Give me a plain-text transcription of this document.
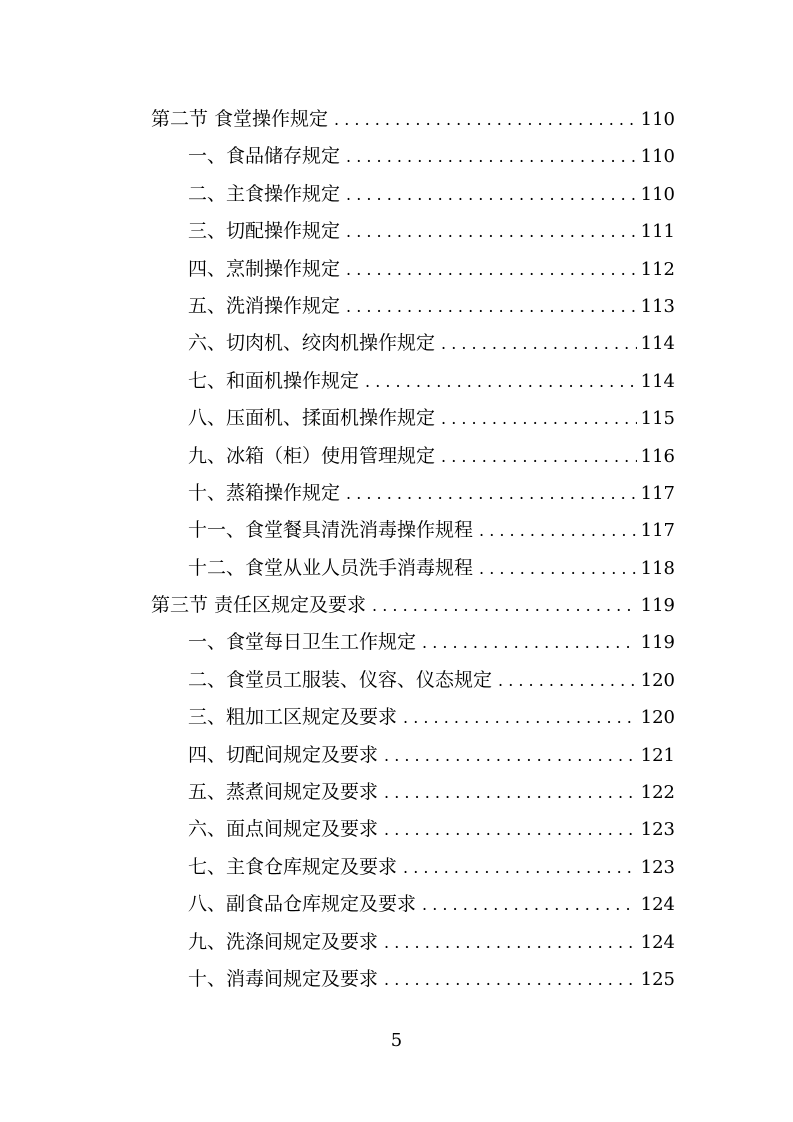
第二节 食堂操作规定 . . .	110
一、食品储存规定 . . .	110
二、主食操作规定 . . .	110
三、切配操作规定 . . .	111
四、烹制操作规定 . . .	112
五、洗消操作规定 . . .	113
六、切肉机、绞肉机操作规定 . . .	114
七、和面机操作规定 . . .	114
八、压面机、揉面机操作规定 . . .	115
九、冰箱（柜）使用管理规定 . . .	116
十、蒸箱操作规定 . . .	117
十一、食堂餐具清洗消毒操作规程 . . .	117
十二、食堂从业人员洗手消毒规程 . . .	118
第三节 责任区规定及要求 . . .	119
一、食堂每日卫生工作规定 . . .	119
二、食堂员工服装、仪容、仪态规定 . . .	120
三、粗加工区规定及要求 . . .	120
四、切配间规定及要求 . . .	121
五、蒸煮间规定及要求 . . .	122
六、面点间规定及要求 . . .	123
七、主食仓库规定及要求 . . .	123
八、副食品仓库规定及要求 . . .	124
九、洗涤间规定及要求 . . .	124
十、消毒间规定及要求 . . .	125
5
